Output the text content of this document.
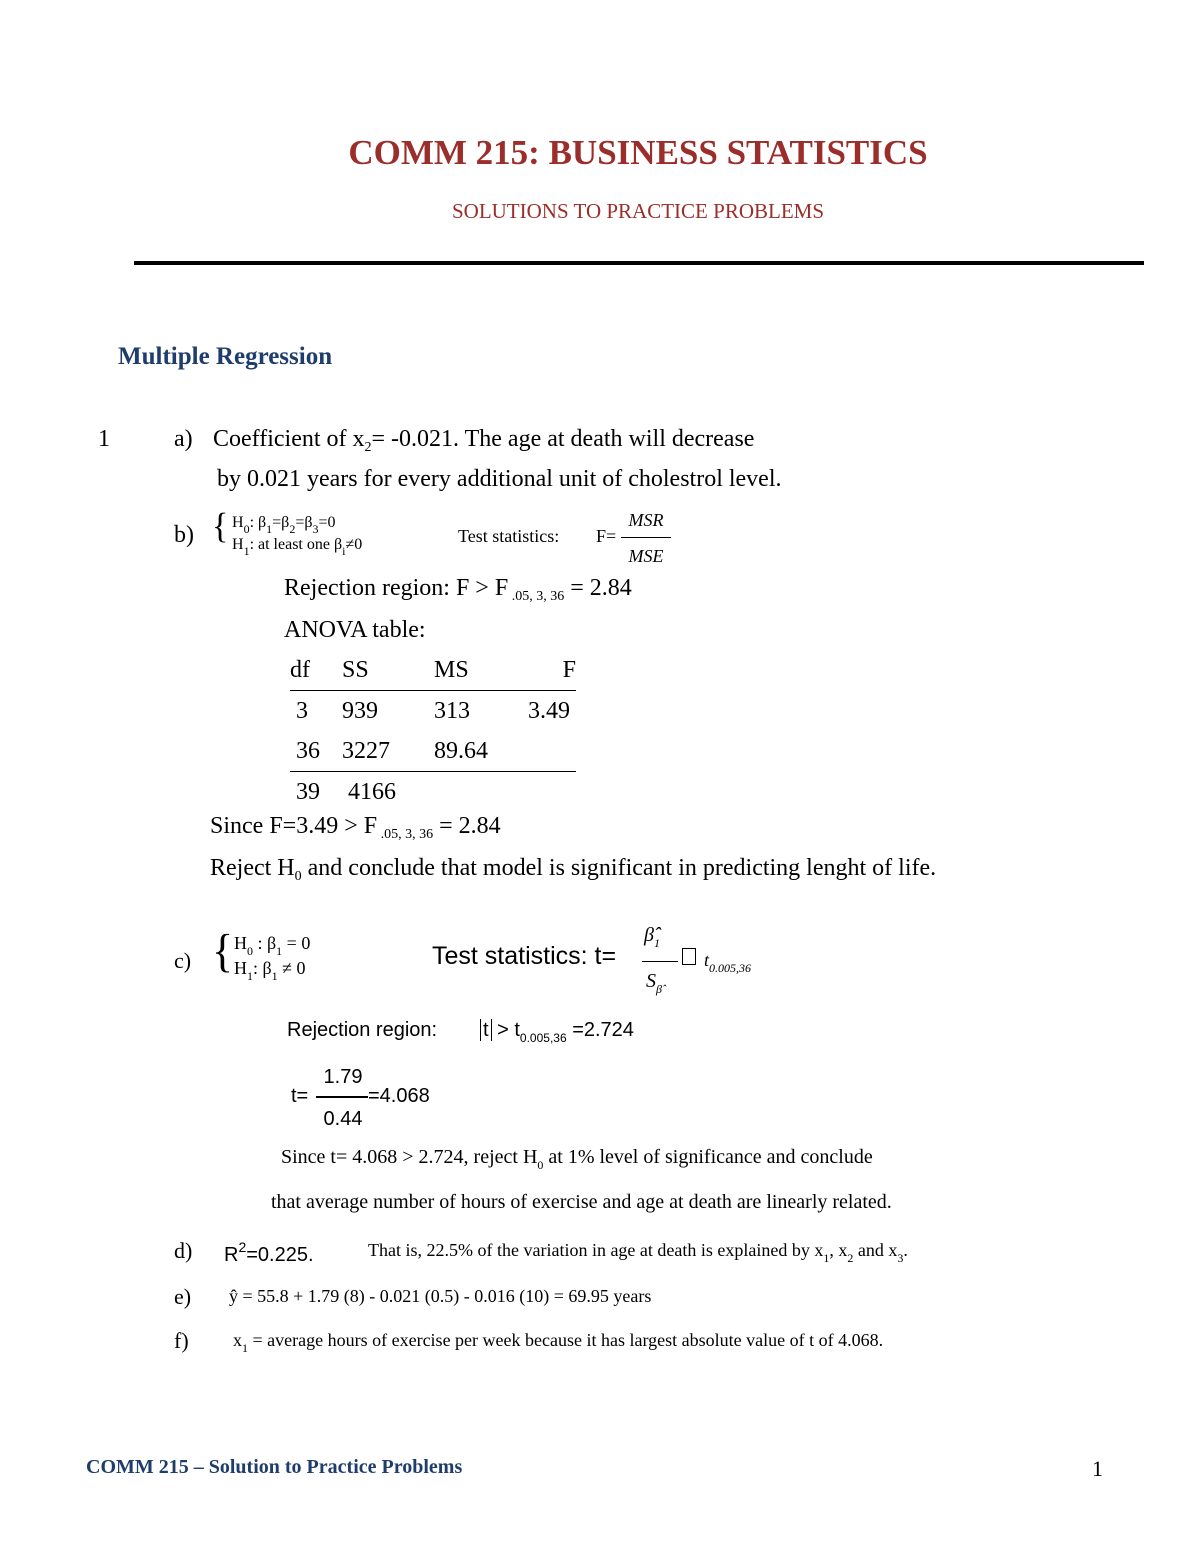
COMM 215: BUSINESS STATISTICS
SOLUTIONS TO PRACTICE PROBLEMS
Multiple Regression
1	a) Coefficient of $x_2= -0.021$. The age at death will decrease
by 0.021 years for every additional unit of cholestrol level.
b) { $H_0$: $\beta_1=\beta_2=\beta_3=0$
$H_1$: at least one $\beta_i\ne 0$	Test statistics: F=
MSR
MSE
Rejection region: F > F $_{.05, 3, 36}$ = 2.84
ANOVA table:
df	SS	MS	F
3	939	313	3.49
36	3227	89.64	
39	4166		
Since F=3.49 > F $_{.05, 3, 36}$ = 2.84
Reject $H_0$ and conclude that model is significant in predicting lenght of life.
c) { $H_0$ : $\beta_1 = 0$
$H_1$: $\beta_1 \ne 0$	Test statistics: t=
$\betâ_1$
$S_{\betâ}$
$t_{0.005,36}$
Rejection region: $t > t_{0.005,36} =2.724$
t=
1.79
0.44
=4.068
Since t= 4.068 > 2.724, reject $H_0$ at 1% level of significance and conclude
that average number of hours of exercise and age at death are linearly related.
d) $R^2=0.225$.	That is, 22.5% of the variation in age at death is explained by $x_1$, $x_2$ and $x_3$.
e) ŷ = 55.8 + 1.79 (8) - 0.021 (0.5) - 0.016 (10) = 69.95 years
f) $x_1$ = average hours of exercise per week because it has largest absolute value of t of 4.068.
COMM 215 – Solution to Practice Problems	1
